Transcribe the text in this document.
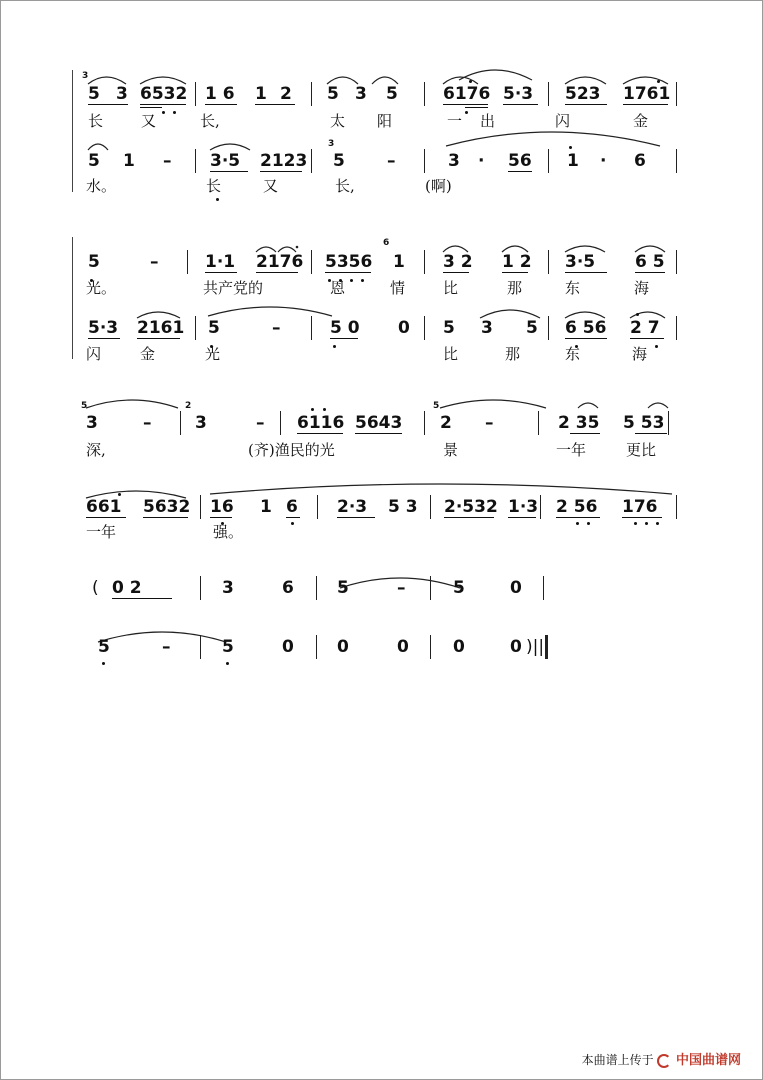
3
6
3
5	2	5
5 3 6532 1 6 1 2 5 3 5	6176 5·3 523 1761
长	又	长,	太 阳	一 出	闪	金
5 1 – 3·5 2123 5 –	3 · 56 1 · 6
水。	长	又	长,	(啊)
5	–	1·1 2176 5356 1 3 2 1 2 3·5 6 5
光。	共产党的	恩	情	比	那	东	海
5·3 2161 5	–	5 0 0 5 3 5 6 56 2 7
闪	金	光	比	那	东	海
3	–	3	– 6116 5643 2 –	2 35 5 53
深,	(齐)渔民的光	景	一年	更比
661 5632 16 1 6 2·3 5 3 2·532 1·3 2 56 176
一年	强。
( 0 2	3	6	5	–	5	0
5	–	5	0	0	0	0	0 )||
本曲谱上传于 中国曲谱网
